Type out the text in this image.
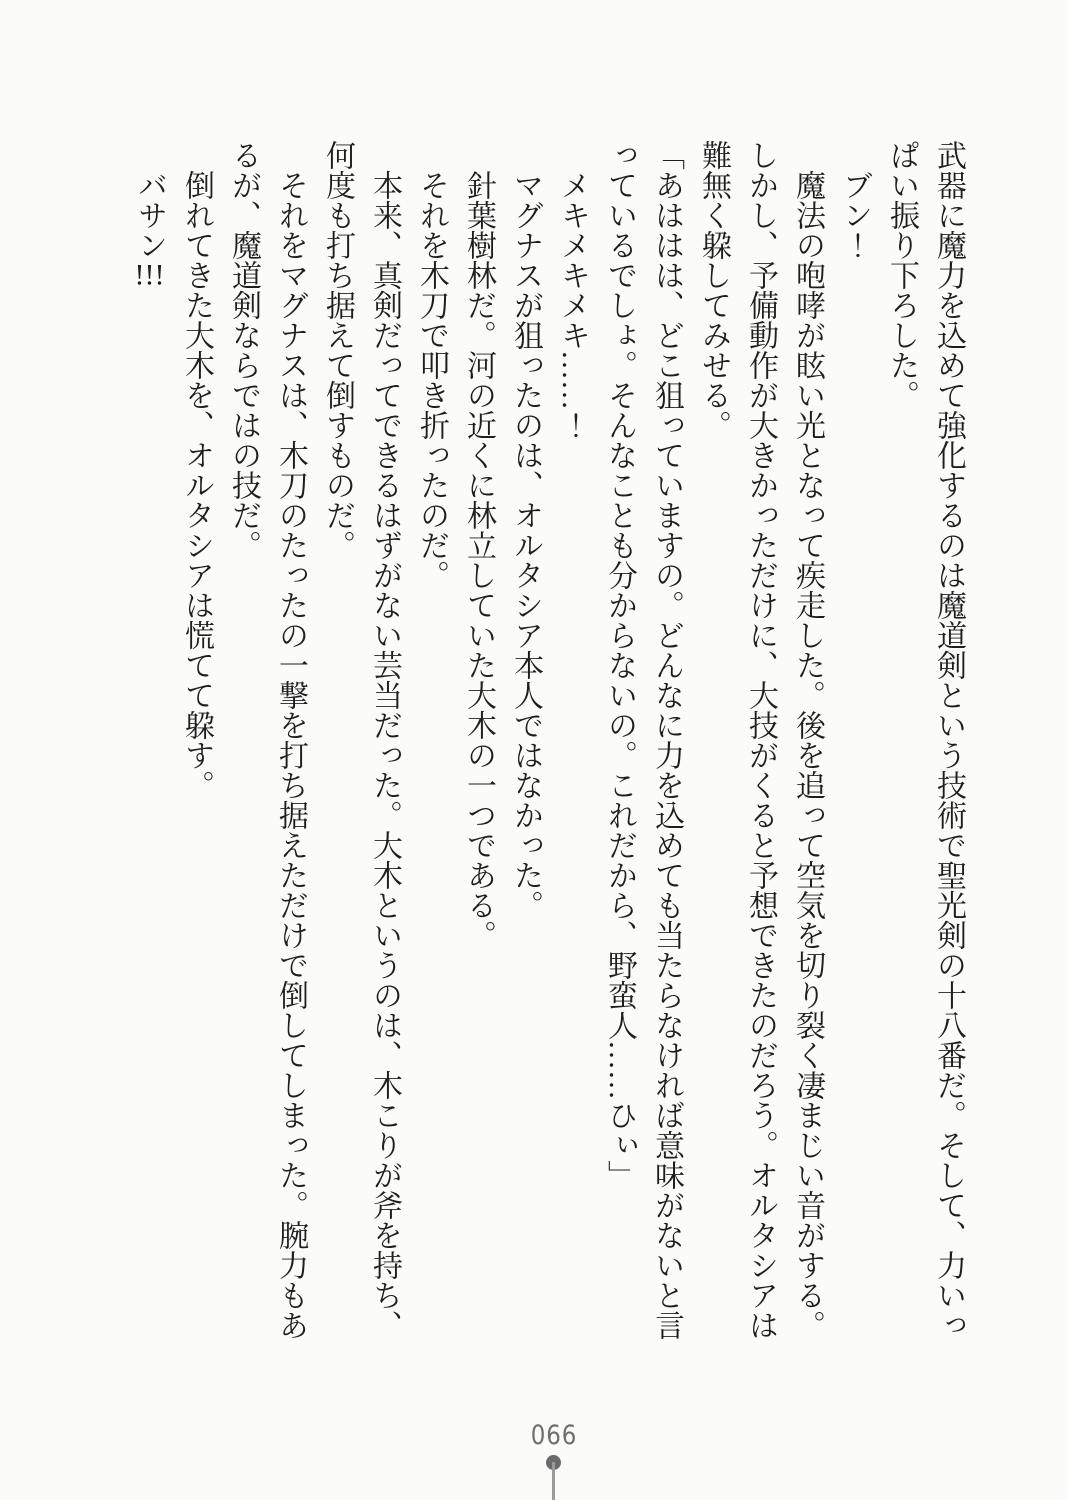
武器に魔力を込めて強化するのは魔道剣という技術で聖光剣の十八番だ。そして、力いっぱい振り下ろした。

ブン！

魔法の咆哮が眩い光となって疾走した。後を追って空気を切り裂く凄まじい音がする。

しかし、予備動作が大きかっただけに、大技がくると予想できたのだろう。オルタシアは難無く躱してみせる。

「あははは、どこ狙っていますの。どんなに力を込めても当たらなければ意味がないと言っているでしょ。そんなことも分からないの。これだから、野蛮人……ひぃ」

メキメキメキ……！

マグナスが狙ったのは、オルタシア本人ではなかった。

針葉樹林だ。河の近くに林立していた大木の一つである。

それを木刀で叩き折ったのだ。

本来、真剣だってできるはずがない芸当だった。大木というのは、木こりが斧を持ち、何度も打ち据えて倒すものだ。

それをマグナスは、木刀のたったの一撃を打ち据えただけで倒してしまった。腕力もあるが、魔道剣ならではの技だ。

倒れてきた大木を、オルタシアは慌てて躱す。

バサン!!!

066
